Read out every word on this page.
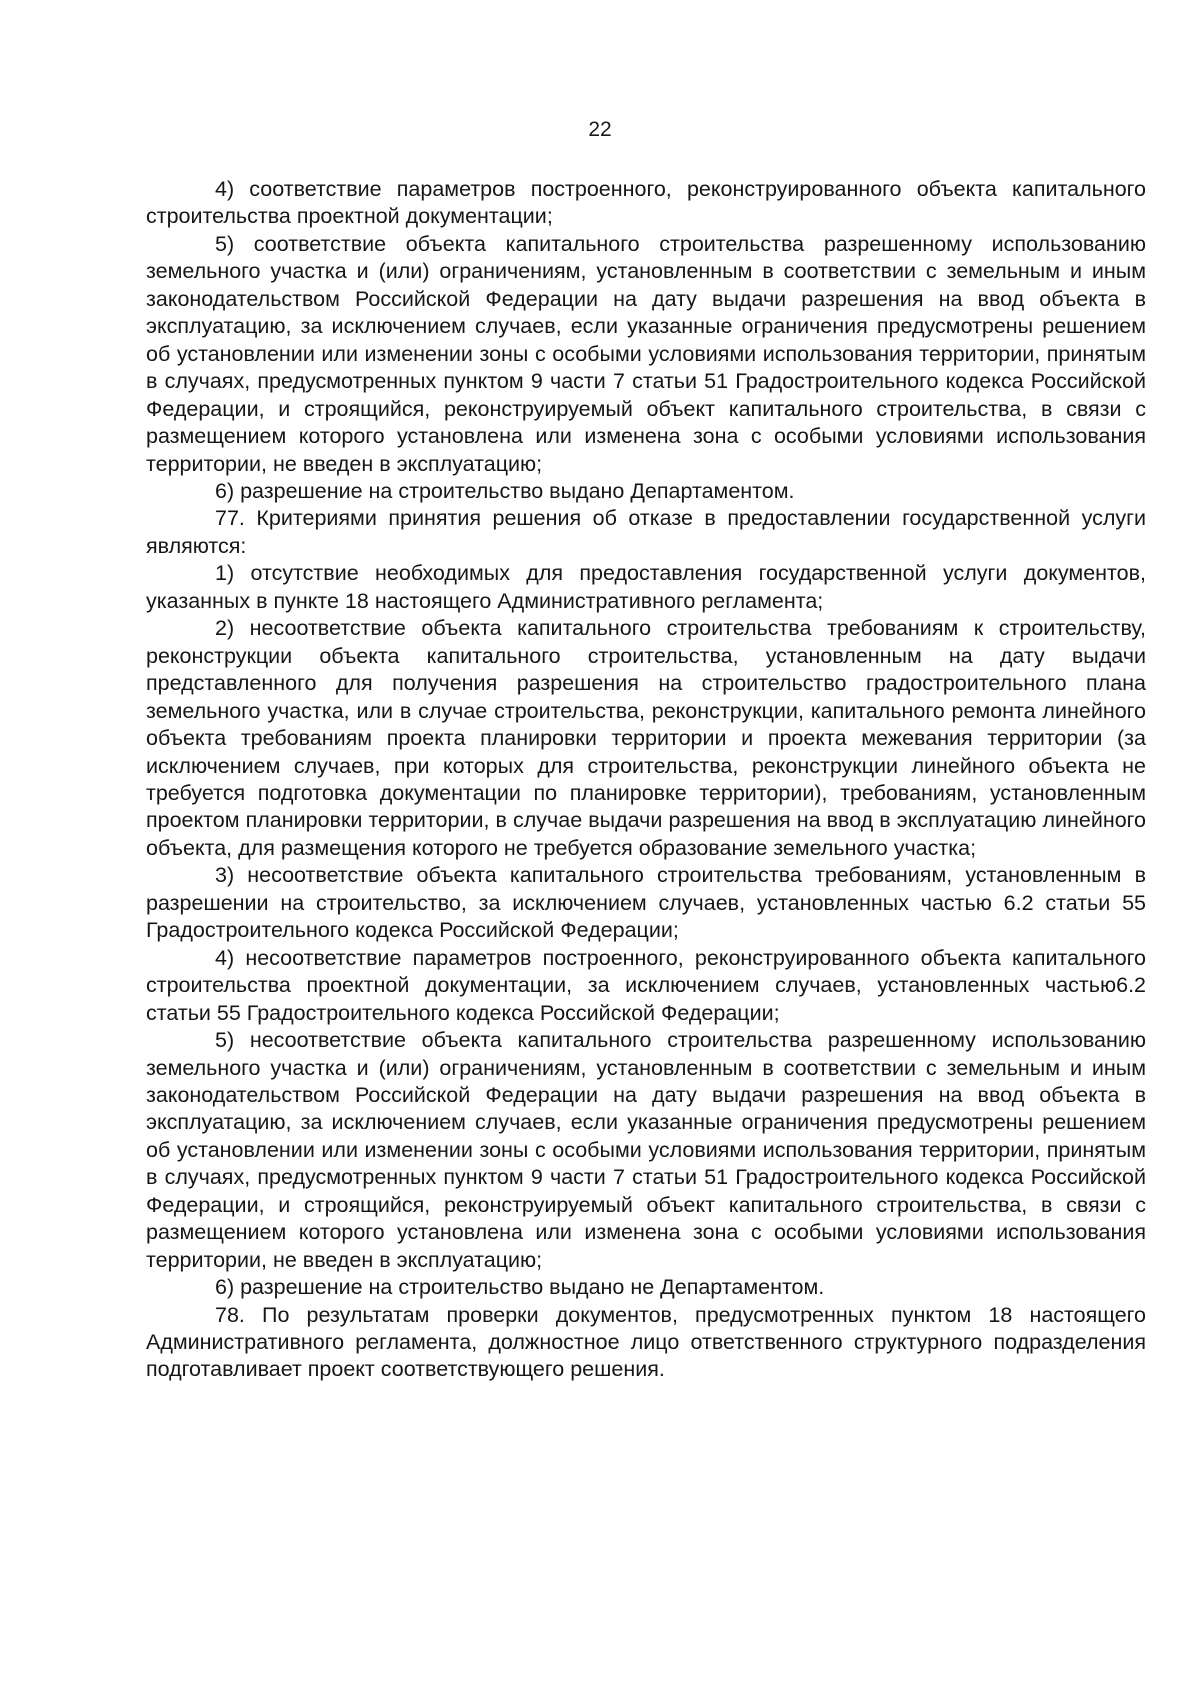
22

4) соответствие параметров построенного, реконструированного объекта капитального строительства проектной документации;

5) соответствие объекта капитального строительства разрешенному использованию земельного участка и (или) ограничениям, установленным в соответствии с земельным и иным законодательством Российской Федерации на дату выдачи разрешения на ввод объекта в эксплуатацию, за исключением случаев, если указанные ограничения предусмотрены решением об установлении или изменении зоны с особыми условиями использования территории, принятым в случаях, предусмотренных пунктом 9 части 7 статьи 51 Градостроительного кодекса Российской Федерации, и строящийся, реконструируемый объект капитального строительства, в связи с размещением которого установлена или изменена зона с особыми условиями использования территории, не введен в эксплуатацию;

6) разрешение на строительство выдано Департаментом.

77. Критериями принятия решения об отказе в предоставлении государственной услуги являются:

1) отсутствие необходимых для предоставления государственной услуги документов, указанных в пункте 18 настоящего Административного регламента;

2) несоответствие объекта капитального строительства требованиям к строительству, реконструкции объекта капитального строительства, установленным на дату выдачи представленного для получения разрешения на строительство градостроительного плана земельного участка, или в случае строительства, реконструкции, капитального ремонта линейного объекта требованиям проекта планировки территории и проекта межевания территории (за исключением случаев, при которых для строительства, реконструкции линейного объекта не требуется подготовка документации по планировке территории), требованиям, установленным проектом планировки территории, в случае выдачи разрешения на ввод в эксплуатацию линейного объекта, для размещения которого не требуется образование земельного участка;

3) несоответствие объекта капитального строительства требованиям, установленным в разрешении на строительство, за исключением случаев, установленных частью 6.2 статьи 55 Градостроительного кодекса Российской Федерации;

4) несоответствие параметров построенного, реконструированного объекта капитального строительства проектной документации, за исключением случаев, установленных частью6.2 статьи 55 Градостроительного кодекса Российской Федерации;

5) несоответствие объекта капитального строительства разрешенному использованию земельного участка и (или) ограничениям, установленным в соответствии с земельным и иным законодательством Российской Федерации на дату выдачи разрешения на ввод объекта в эксплуатацию, за исключением случаев, если указанные ограничения предусмотрены решением об установлении или изменении зоны с особыми условиями использования территории, принятым в случаях, предусмотренных пунктом 9 части 7 статьи 51 Градостроительного кодекса Российской Федерации, и строящийся, реконструируемый объект капитального строительства, в связи с размещением которого установлена или изменена зона с особыми условиями использования территории, не введен в эксплуатацию;

6) разрешение на строительство выдано не Департаментом.

78. По результатам проверки документов, предусмотренных пунктом 18 настоящего Административного регламента, должностное лицо ответственного структурного подразделения подготавливает проект соответствующего решения.
